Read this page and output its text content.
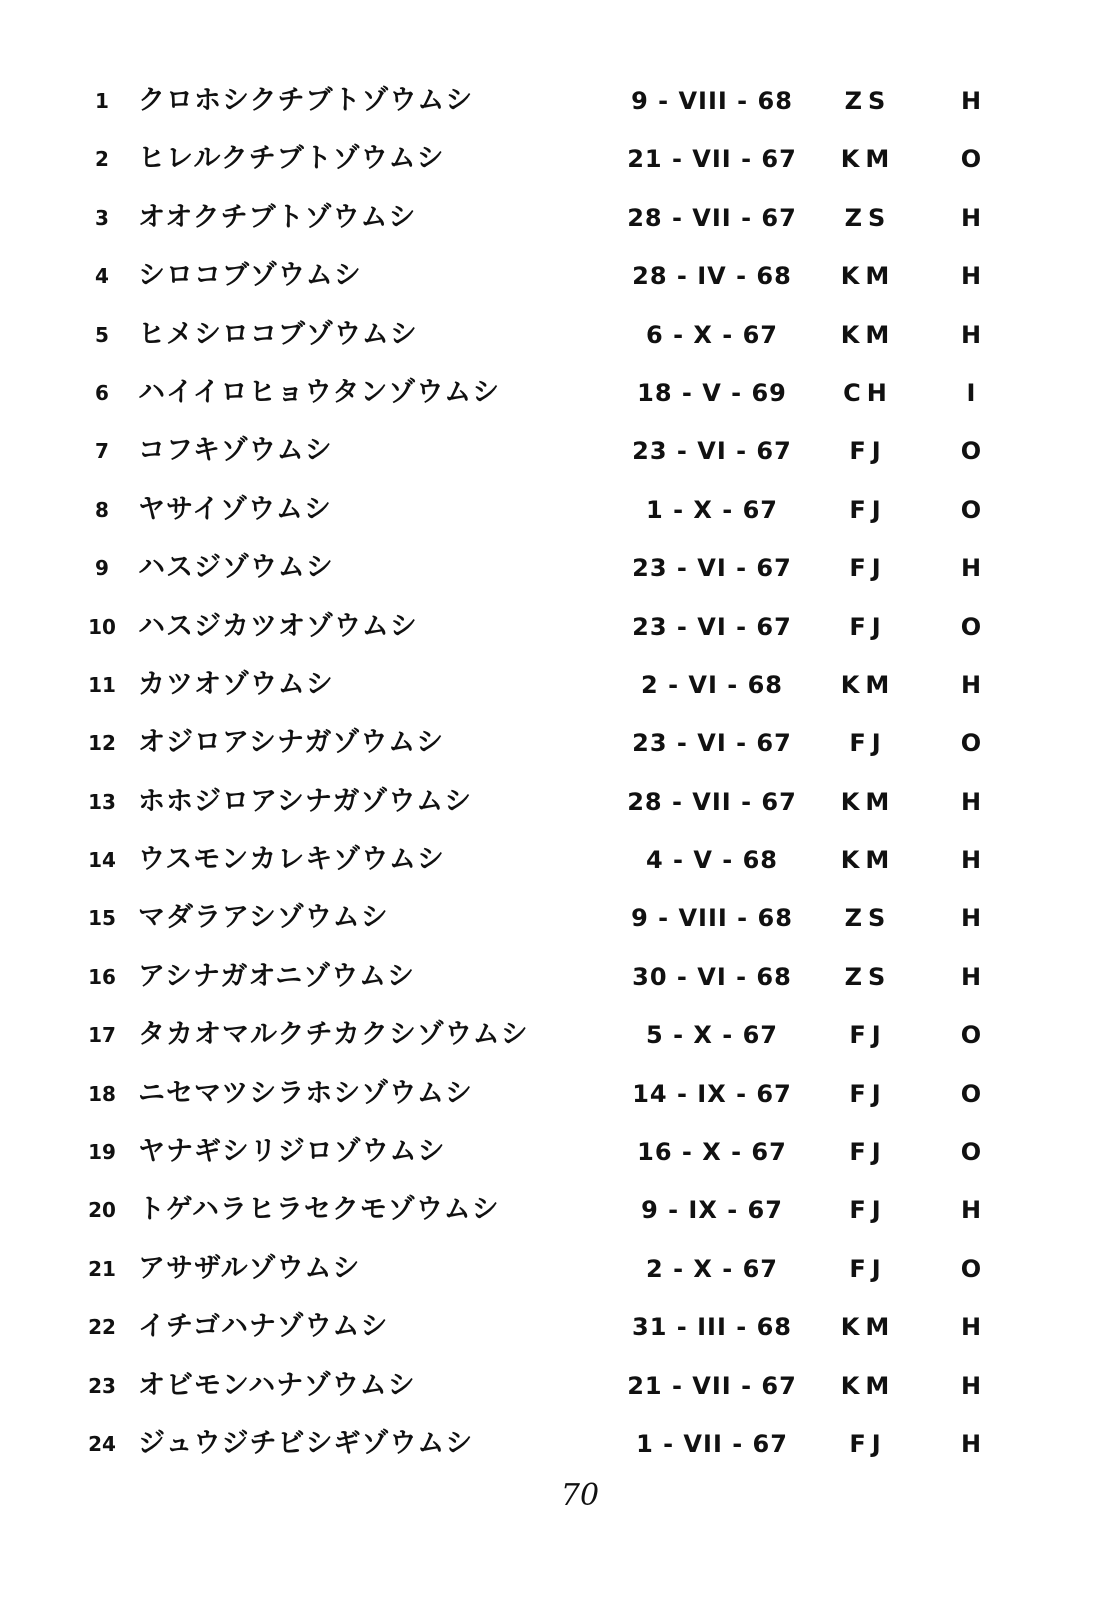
1	クロホシクチブトゾウムシ	9 - VIII - 68	ZS	H
2	ヒレルクチブトゾウムシ	21 - VII - 67	KM	O
3	オオクチブトゾウムシ	28 - VII - 67	ZS	H
4	シロコブゾウムシ	28 - IV - 68	KM	H
5	ヒメシロコブゾウムシ	6 - X - 67	KM	H
6	ハイイロヒョウタンゾウムシ	18 - V - 69	CH	I
7	コフキゾウムシ	23 - VI - 67	FJ	O
8	ヤサイゾウムシ	1 - X - 67	FJ	O
9	ハスジゾウムシ	23 - VI - 67	FJ	H
10 ハスジカツオゾウムシ	23 - VI - 67	FJ	O
11 カツオゾウムシ	2 - VI - 68	KM	H
12 オジロアシナガゾウムシ	23 - VI - 67	FJ	O
13 ホホジロアシナガゾウムシ	28 - VII - 67	KM	H
14 ウスモンカレキゾウムシ	4 - V - 68	KM	H
15 マダラアシゾウムシ	9 - VIII - 68	ZS	H
16 アシナガオニゾウムシ	30 - VI - 68	ZS	H
17 タカオマルクチカクシゾウムシ	5 - X - 67	FJ	O
18 ニセマツシラホシゾウムシ	14 - IX - 67	FJ	O
19 ヤナギシリジロゾウムシ	16 - X - 67	FJ	O
20 トゲハラヒラセクモゾウムシ	9 - IX - 67	FJ	H
21 アサザルゾウムシ	2 - X - 67	FJ	O
22 イチゴハナゾウムシ	31 - III - 68	KM	H
23 オビモンハナゾウムシ	21 - VII - 67	KM	H
24 ジュウジチビシギゾウムシ	1 - VII - 67	FJ	H
70
